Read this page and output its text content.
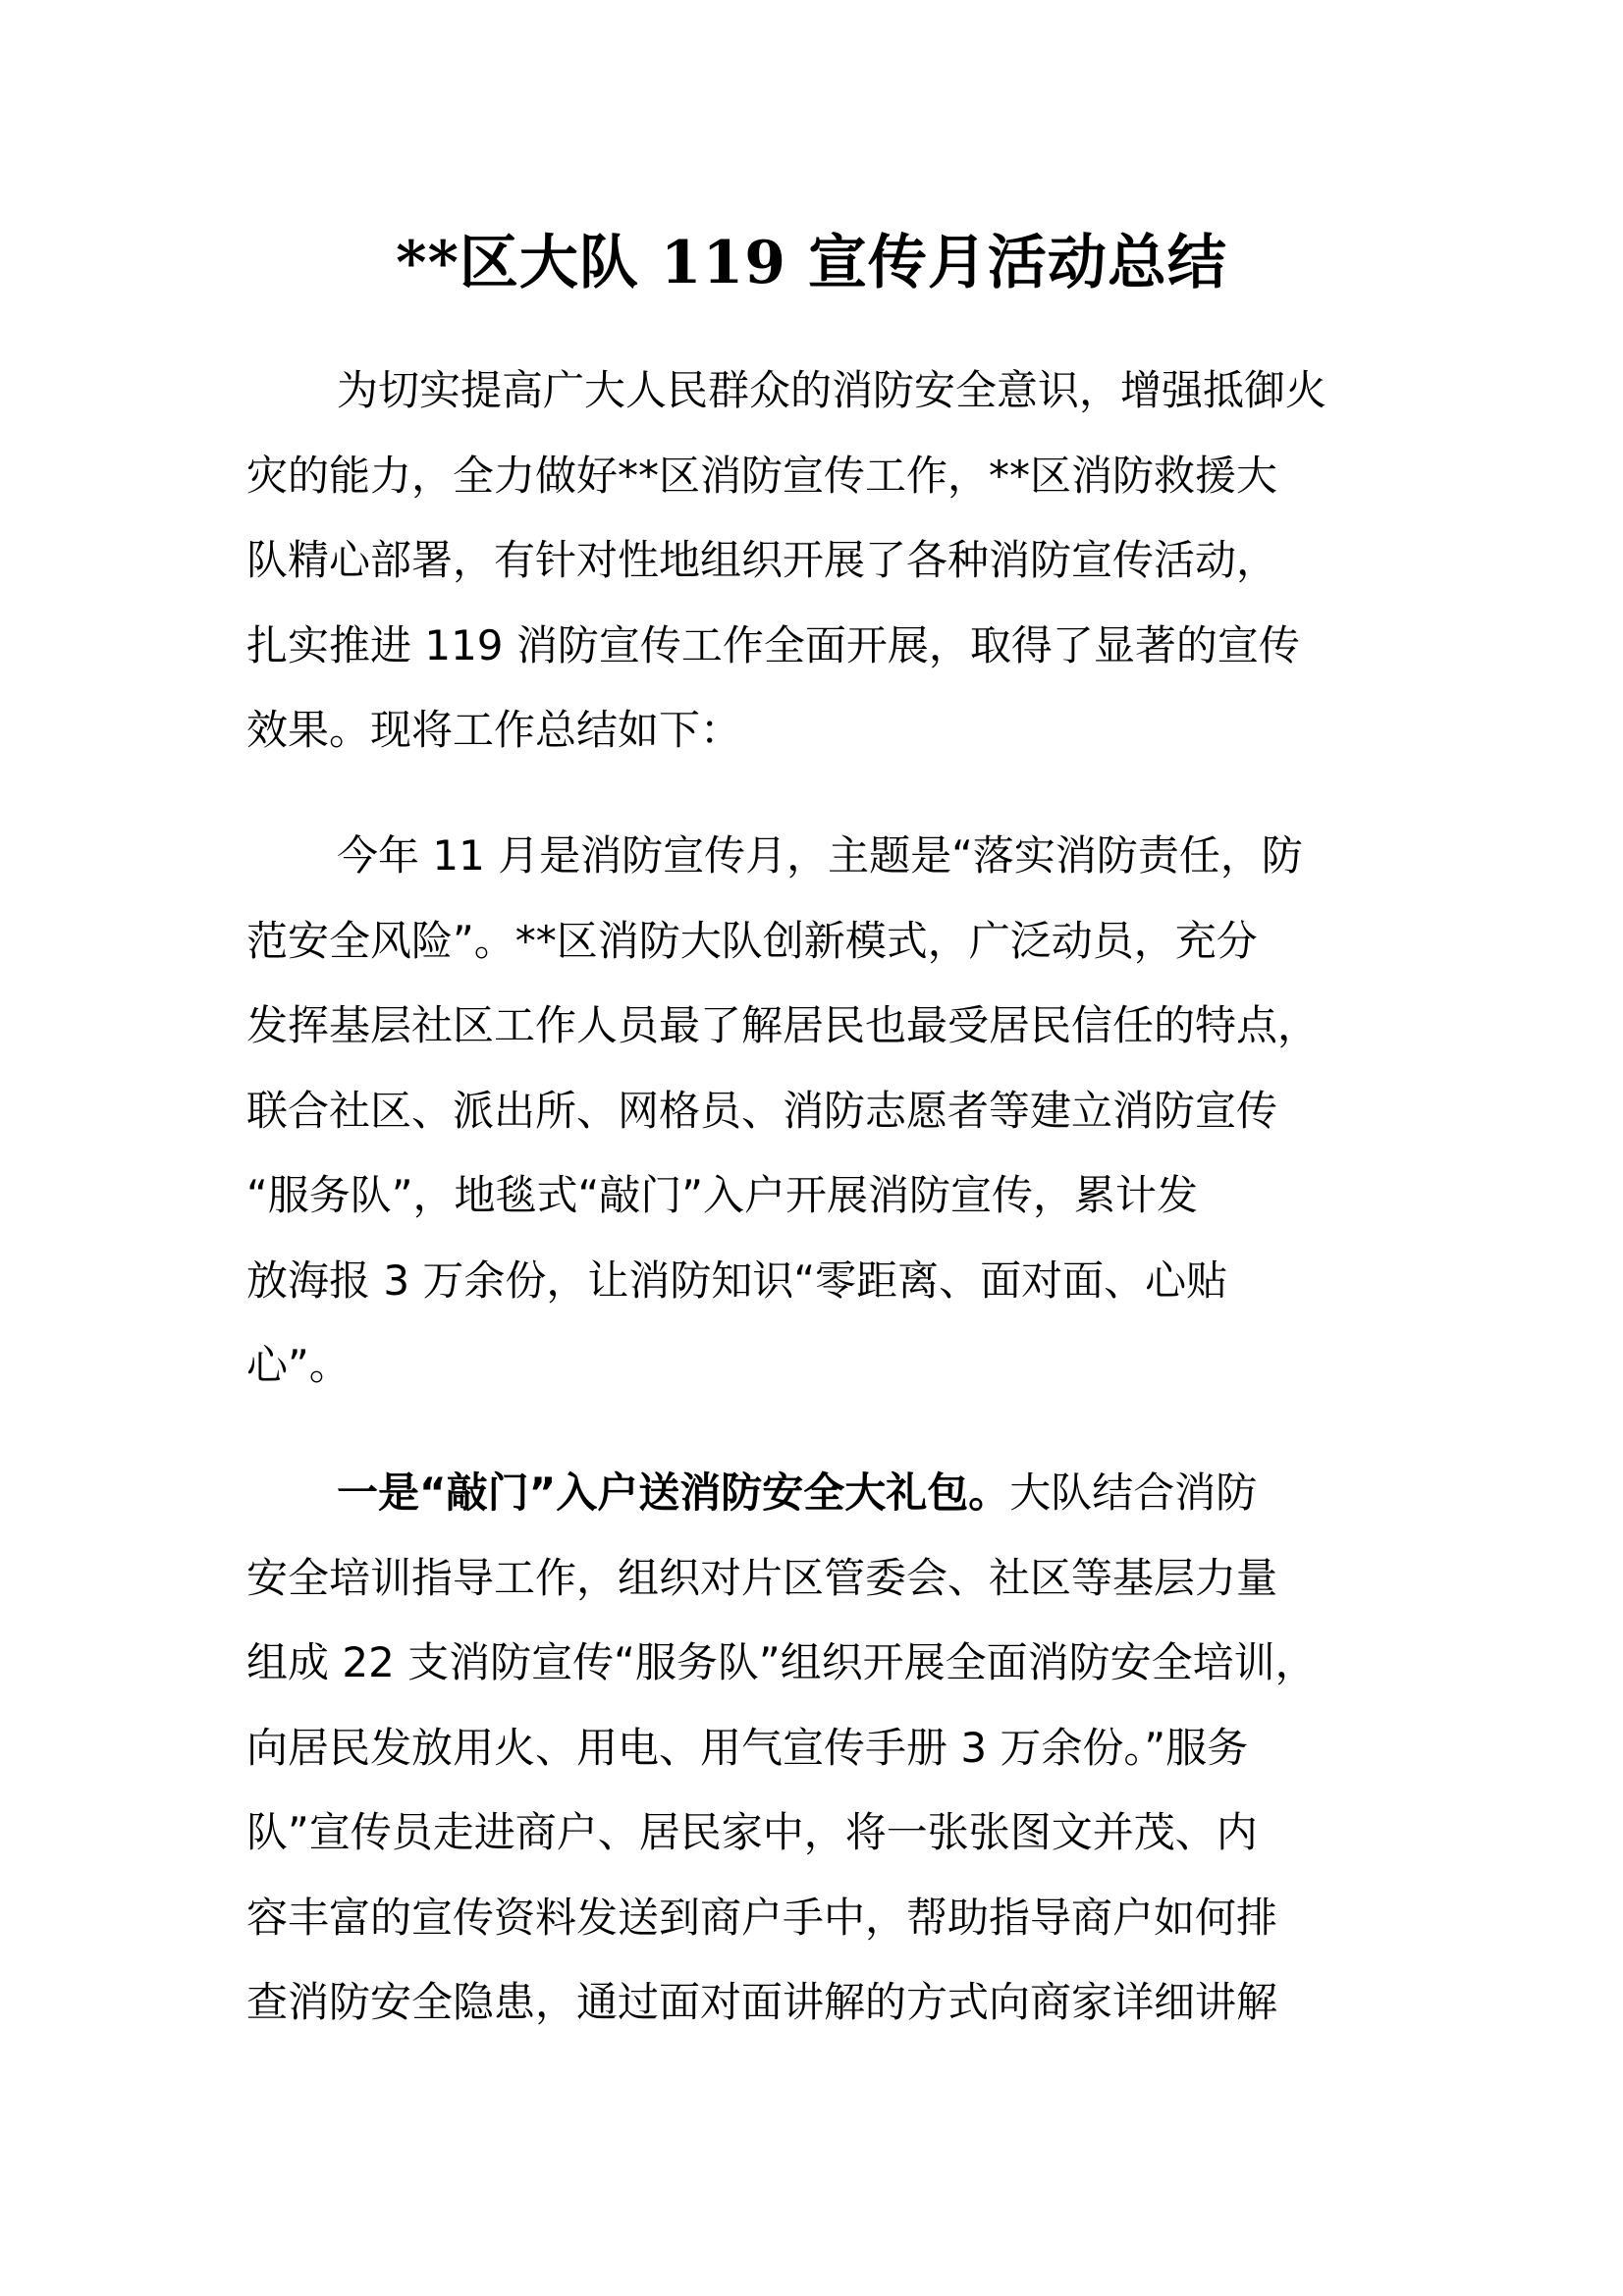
**区大队 119 宣传月活动总结
为切实提高广大人民群众的消防安全意识，增强抵御火
灾的能力，全力做好**区消防宣传工作，**区消防救援大
队精心部署，有针对性地组织开展了各种消防宣传活动，
扎实推进 119 消防宣传工作全面开展，取得了显著的宣传
效果。现将工作总结如下：
今年 11 月是消防宣传月，主题是“落实消防责任，防
范安全风险”。**区消防大队创新模式，广泛动员，充分
发挥基层社区工作人员最了解居民也最受居民信任的特点，
联合社区、派出所、网格员、消防志愿者等建立消防宣传
“服务队”，地毯式“敲门”入户开展消防宣传，累计发
放海报 3 万余份，让消防知识“零距离、面对面、心贴
心”。
一是“敲门”入户送消防安全大礼包。大队结合消防
安全培训指导工作，组织对片区管委会、社区等基层力量
组成 22 支消防宣传“服务队”组织开展全面消防安全培训，
向居民发放用火、用电、用气宣传手册 3 万余份。”服务
队”宣传员走进商户、居民家中，将一张张图文并茂、内
容丰富的宣传资料发送到商户手中，帮助指导商户如何排
查消防安全隐患，通过面对面讲解的方式向商家详细讲解
